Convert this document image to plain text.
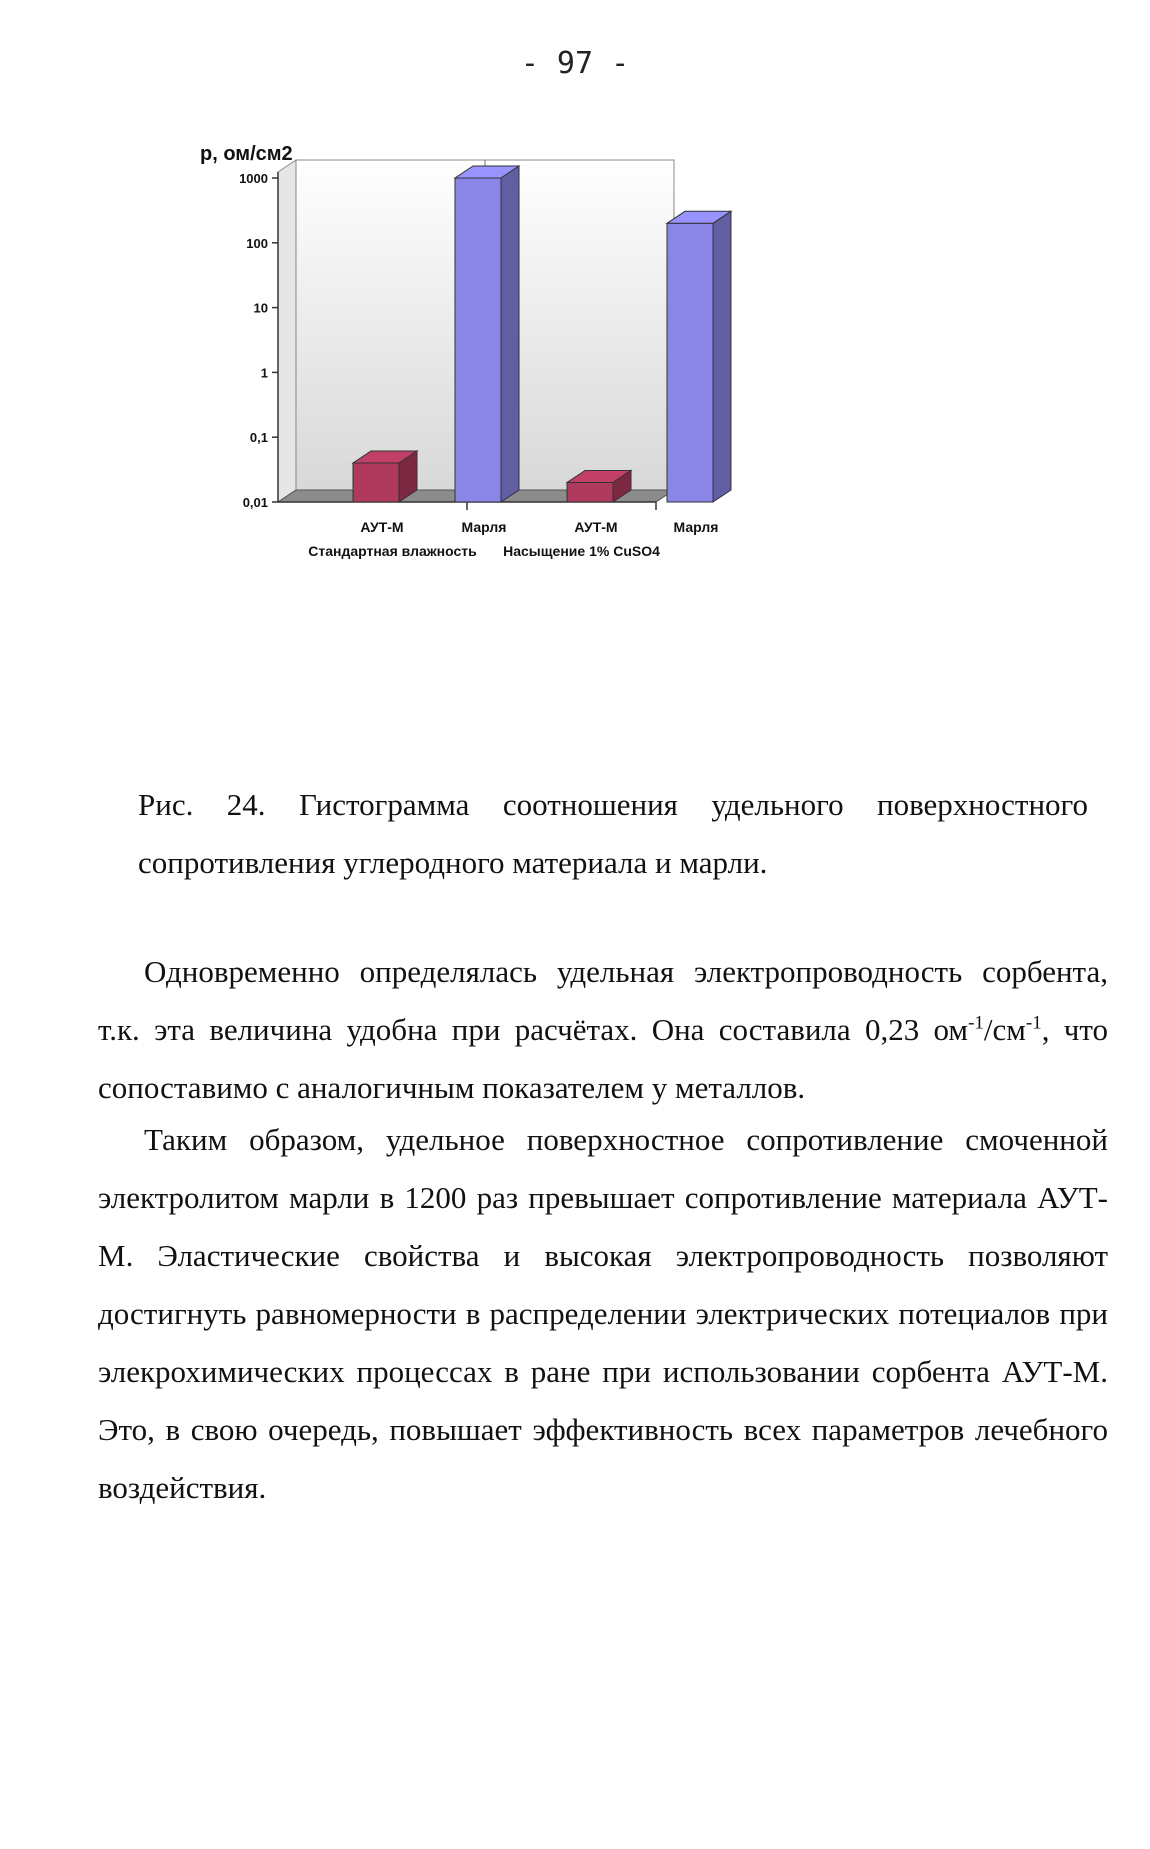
- 97 -
р, ом/см2
1000
100
10
1
0,1
0,01
АУТ-М	Марля	АУТ-М	Марля
Стандартная влажность Насыщение 1% CuSO4
Рис. 24. Гистограмма соотношения удельного поверхностного сопротивления углеродного материала и марли.

Одновременно определялась удельная электропроводность сорбента, т.к. эта величина удобна при расчётах. Она составила 0,23 $ом^{-1}/см^{-1}$, что сопоставимо с аналогичным показателем у металлов.

Таким образом, удельное поверхностное сопротивление смоченной электролитом марли в 1200 раз превышает сопротивление материала АУТ-М. Эластические свойства и высокая электропроводность позволяют достигнуть равномерности в распределении электрических потециалов при элекрохимических процессах в ране при использовании сорбента АУТ-М. Это, в свою очередь, повышает эффективность всех параметров лечебного воздействия.
